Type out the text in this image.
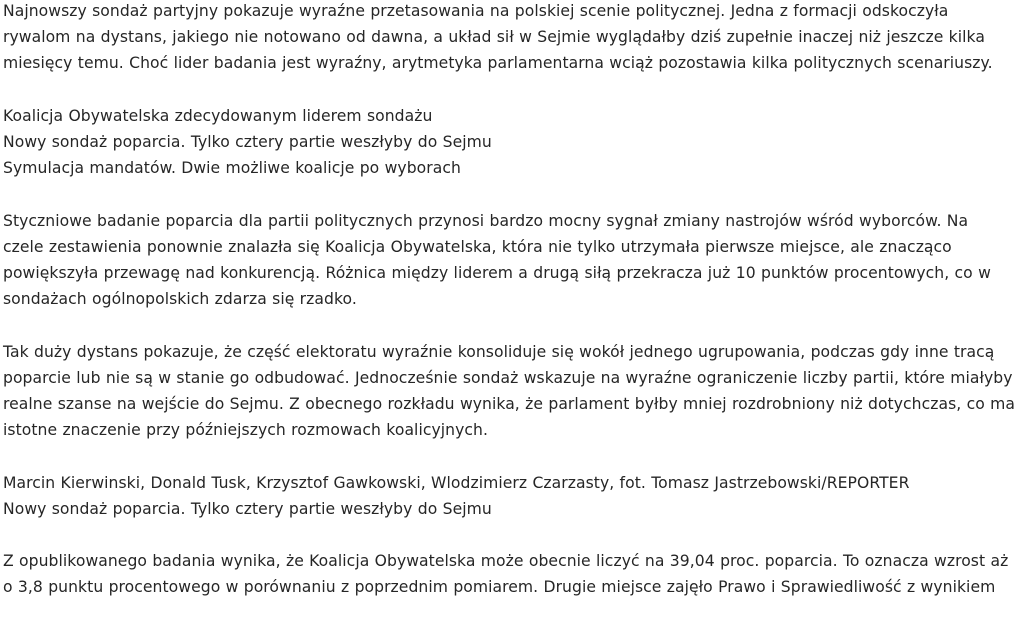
Najnowszy sondaż partyjny pokazuje wyraźne przetasowania na polskiej scenie politycznej. Jedna z formacji odskoczyła
rywalom na dystans, jakiego nie notowano od dawna, a układ sił w Sejmie wyglądałby dziś zupełnie inaczej niż jeszcze kilka
miesięcy temu. Choć lider badania jest wyraźny, arytmetyka parlamentarna wciąż pozostawia kilka politycznych scenariuszy.

Koalicja Obywatelska zdecydowanym liderem sondażu
Nowy sondaż poparcia. Tylko cztery partie weszłyby do Sejmu
Symulacja mandatów. Dwie możliwe koalicje po wyborach

Styczniowe badanie poparcia dla partii politycznych przynosi bardzo mocny sygnał zmiany nastrojów wśród wyborców. Na
czele zestawienia ponownie znalazła się Koalicja Obywatelska, która nie tylko utrzymała pierwsze miejsce, ale znacząco
powiększyła przewagę nad konkurencją. Różnica między liderem a drugą siłą przekracza już 10 punktów procentowych, co w
sondażach ogólnopolskich zdarza się rzadko.

Tak duży dystans pokazuje, że część elektoratu wyraźnie konsoliduje się wokół jednego ugrupowania, podczas gdy inne tracą
poparcie lub nie są w stanie go odbudować. Jednocześnie sondaż wskazuje na wyraźne ograniczenie liczby partii, które miałyby
realne szanse na wejście do Sejmu. Z obecnego rozkładu wynika, że parlament byłby mniej rozdrobniony niż dotychczas, co ma
istotne znaczenie przy późniejszych rozmowach koalicyjnych.

Marcin Kierwinski, Donald Tusk, Krzysztof Gawkowski, Wlodzimierz Czarzasty, fot. Tomasz Jastrzebowski/REPORTER
Nowy sondaż poparcia. Tylko cztery partie weszłyby do Sejmu

Z opublikowanego badania wynika, że Koalicja Obywatelska może obecnie liczyć na 39,04 proc. poparcia. To oznacza wzrost aż
o 3,8 punktu procentowego w porównaniu z poprzednim pomiarem. Drugie miejsce zajęło Prawo i Sprawiedliwość z wynikiem
